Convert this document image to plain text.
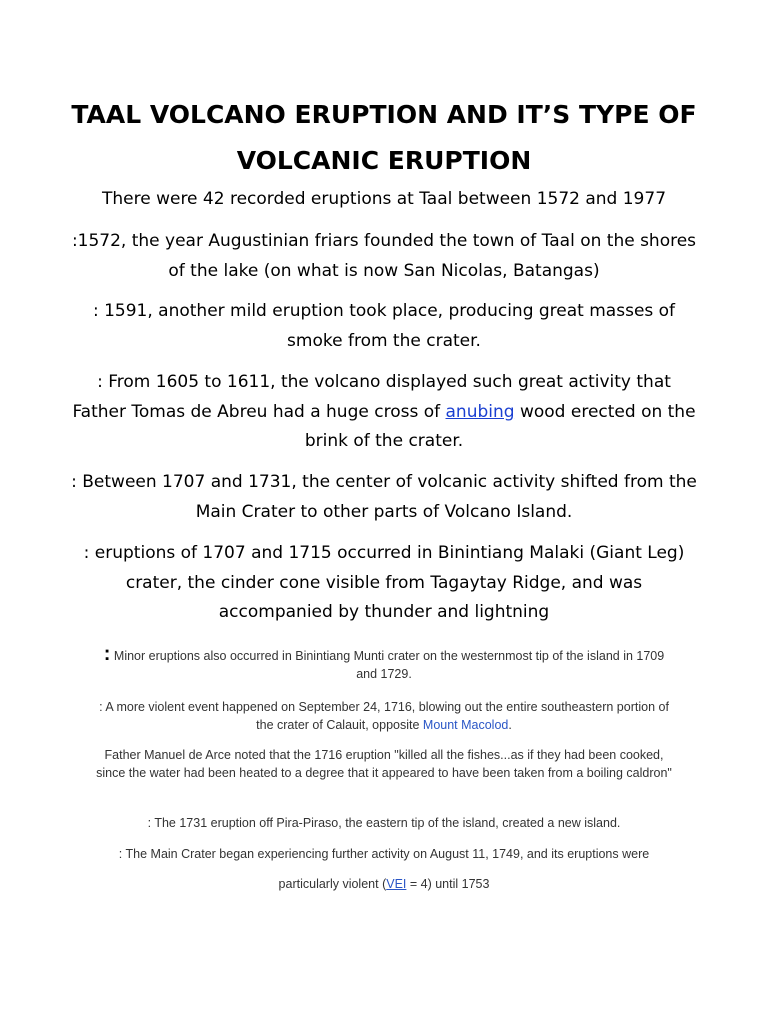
TAAL VOLCANO ERUPTION AND IT’S TYPE OF
VOLCANIC ERUPTION

There were 42 recorded eruptions at Taal between 1572 and 1977

:1572, the year Augustinian friars founded the town of Taal on the shores of the lake (on what is now San Nicolas, Batangas)

: 1591, another mild eruption took place, producing great masses of smoke from the crater.

: From 1605 to 1611, the volcano displayed such great activity that Father Tomas de Abreu had a huge cross of anubing wood erected on the brink of the crater.

: Between 1707 and 1731, the center of volcanic activity shifted from the Main Crater to other parts of Volcano Island.

: eruptions of 1707 and 1715 occurred in Binintiang Malaki (Giant Leg) crater, the cinder cone visible from Tagaytay Ridge, and was accompanied by thunder and lightning

: Minor eruptions also occurred in Binintiang Munti crater on the westernmost tip of the island in 1709 and 1729.

: A more violent event happened on September 24, 1716, blowing out the entire southeastern portion of the crater of Calauit, opposite Mount Macolod.

Father Manuel de Arce noted that the 1716 eruption "killed all the fishes...as if they had been cooked, since the water had been heated to a degree that it appeared to have been taken from a boiling caldron"

: The 1731 eruption off Pira-Piraso, the eastern tip of the island, created a new island.

: The Main Crater began experiencing further activity on August 11, 1749, and its eruptions were

particularly violent (VEI = 4) until 1753
